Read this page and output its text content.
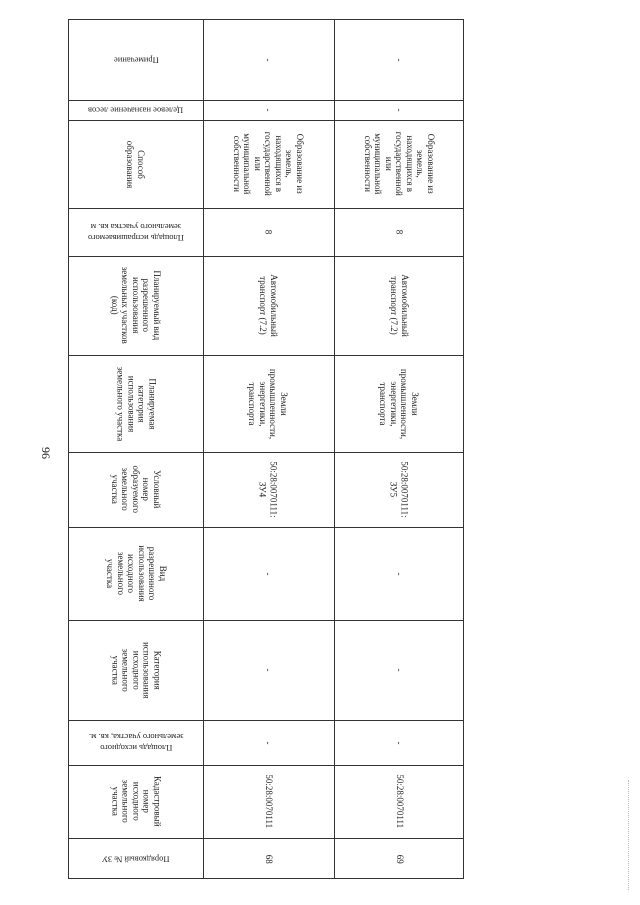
96
Примечание
Целевое назначение лесов
Способ
образования
Площадь испрашиваемого
земельного участка кв. м
Планируемый вид
разрешенного
использования
земельных участков
(код)
Планируемая
категория
использования
земельного участка
Условный
номер
образуемого
земельного
участка
Вид
разрешенного
использования
исходного
земельного
участка
Категория
использования
исходного
земельного
участка
Площадь исходного
земельного участка, кв. м.
Кадастровый
номер
исходного
земельного
участка
Порядковый № ЗУ
-
-
Образование из
земель,
находящихся в
государственной
или
муниципальной
собственности
8
Автомобильный
транспорт (7.2)
Земли
промышленности,
энергетики,
транспорта
50:28:0070111:
ЗУ4
-
-
-
50:28:0070111
68
-
-
Образование из
земель,
находящихся в
государственной
или
муниципальной
собственности
8
Автомобильный
транспорт (7.2)
Земли
промышленности,
энергетики,
транспорта
50:28:0070111:
ЗУ5
-
-
-
50:28:0070111
69
